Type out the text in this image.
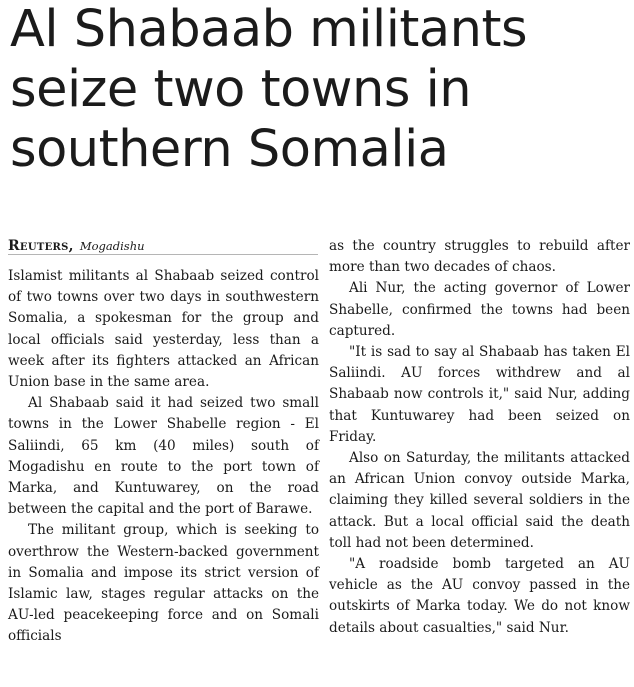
Al Shabaab militants
seize two towns in
southern Somalia
Reuters, Mogadishu

Islamist militants al Shabaab seized control of two towns over two days in southwestern Somalia, a spokesman for the group and local officials said yesterday, less than a week after its fighters attacked an African Union base in the same area.

Al Shabaab said it had seized two small towns in the Lower Shabelle region - El Saliindi, 65 km (40 miles) south of Mogadishu en route to the port town of Marka, and Kuntuwarey, on the road between the capital and the port of Barawe.

The militant group, which is seeking to overthrow the Western-backed government in Somalia and impose its strict version of Islamic law, stages regular attacks on the AU-led peacekeeping force and on Somali officials

as the country struggles to rebuild after more than two decades of chaos.

Ali Nur, the acting governor of Lower Shabelle, confirmed the towns had been captured.

"It is sad to say al Shabaab has taken El Saliindi. AU forces withdrew and al Shabaab now controls it," said Nur, adding that Kuntuwarey had been seized on Friday.

Also on Saturday, the militants attacked an African Union convoy outside Marka, claiming they killed several soldiers in the attack. But a local official said the death toll had not been determined.

"A roadside bomb targeted an AU vehicle as the AU convoy passed in the outskirts of Marka today. We do not know details about casualties," said Nur.
